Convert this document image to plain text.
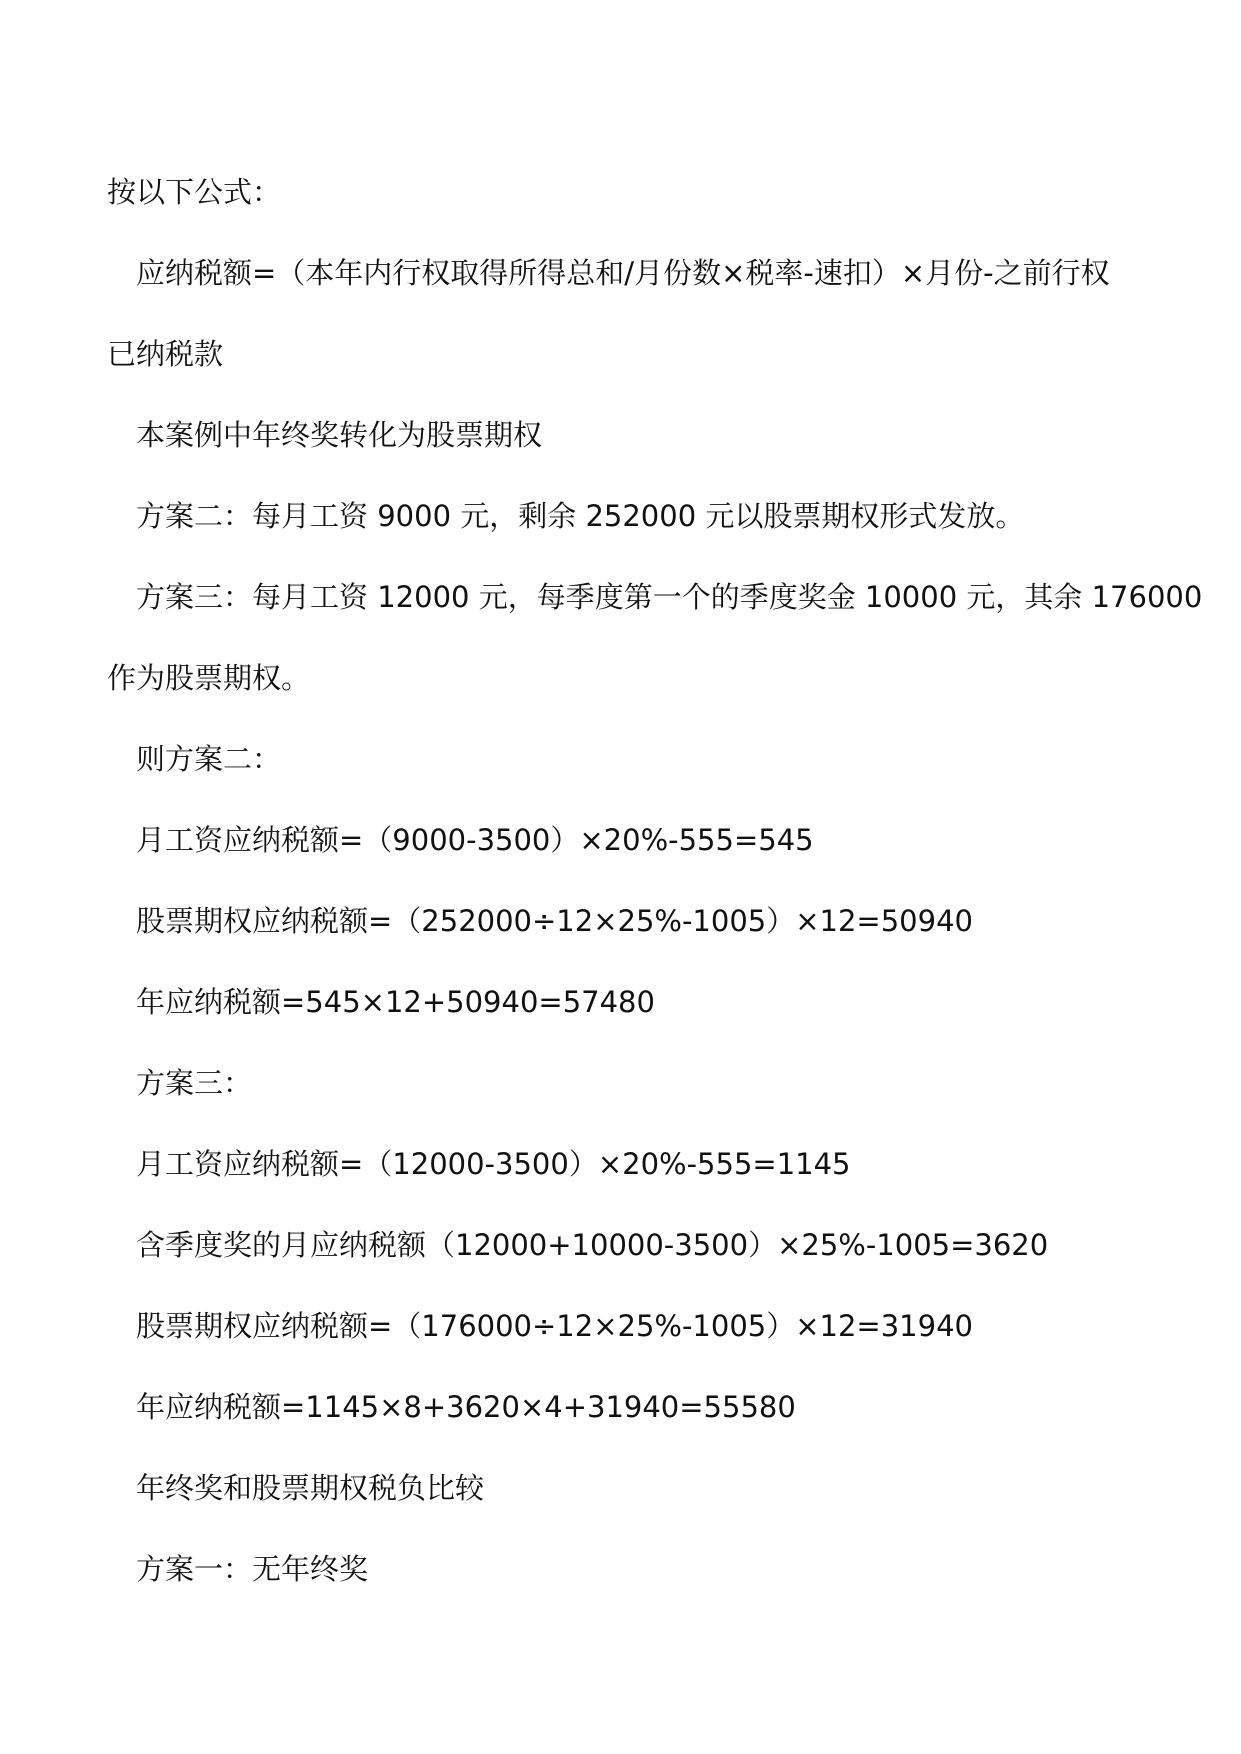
按以下公式：
应纳税额=（本年内行权取得所得总和/月份数×税率-速扣）×月份-之前行权
已纳税款
本案例中年终奖转化为股票期权
方案二：每月工资 9000 元，剩余 252000 元以股票期权形式发放。
方案三：每月工资 12000 元，每季度第一个的季度奖金 10000 元，其余 176000
作为股票期权。
则方案二：
月工资应纳税额=（9000-3500）×20%-555=545
股票期权应纳税额=（252000÷12×25%-1005）×12=50940
年应纳税额=545×12+50940=57480
方案三：
月工资应纳税额=（12000-3500）×20%-555=1145
含季度奖的月应纳税额（12000+10000-3500）×25%-1005=3620
股票期权应纳税额=（176000÷12×25%-1005）×12=31940
年应纳税额=1145×8+3620×4+31940=55580
年终奖和股票期权税负比较
方案一：无年终奖
